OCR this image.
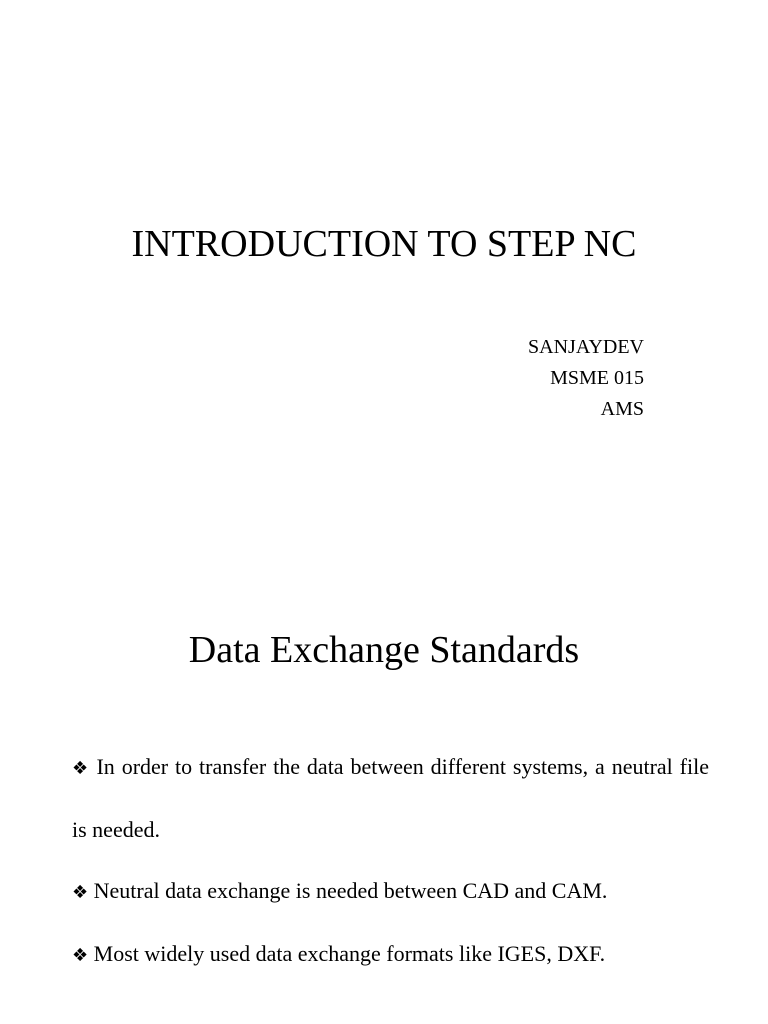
INTRODUCTION TO STEP NC
SANJAYDEV
MSME 015
AMS
Data Exchange Standards

❖ In order to transfer the data between different systems, a neutral file is needed.

❖ Neutral data exchange is needed between CAD and CAM.

❖ Most widely used data exchange formats like IGES, DXF.
